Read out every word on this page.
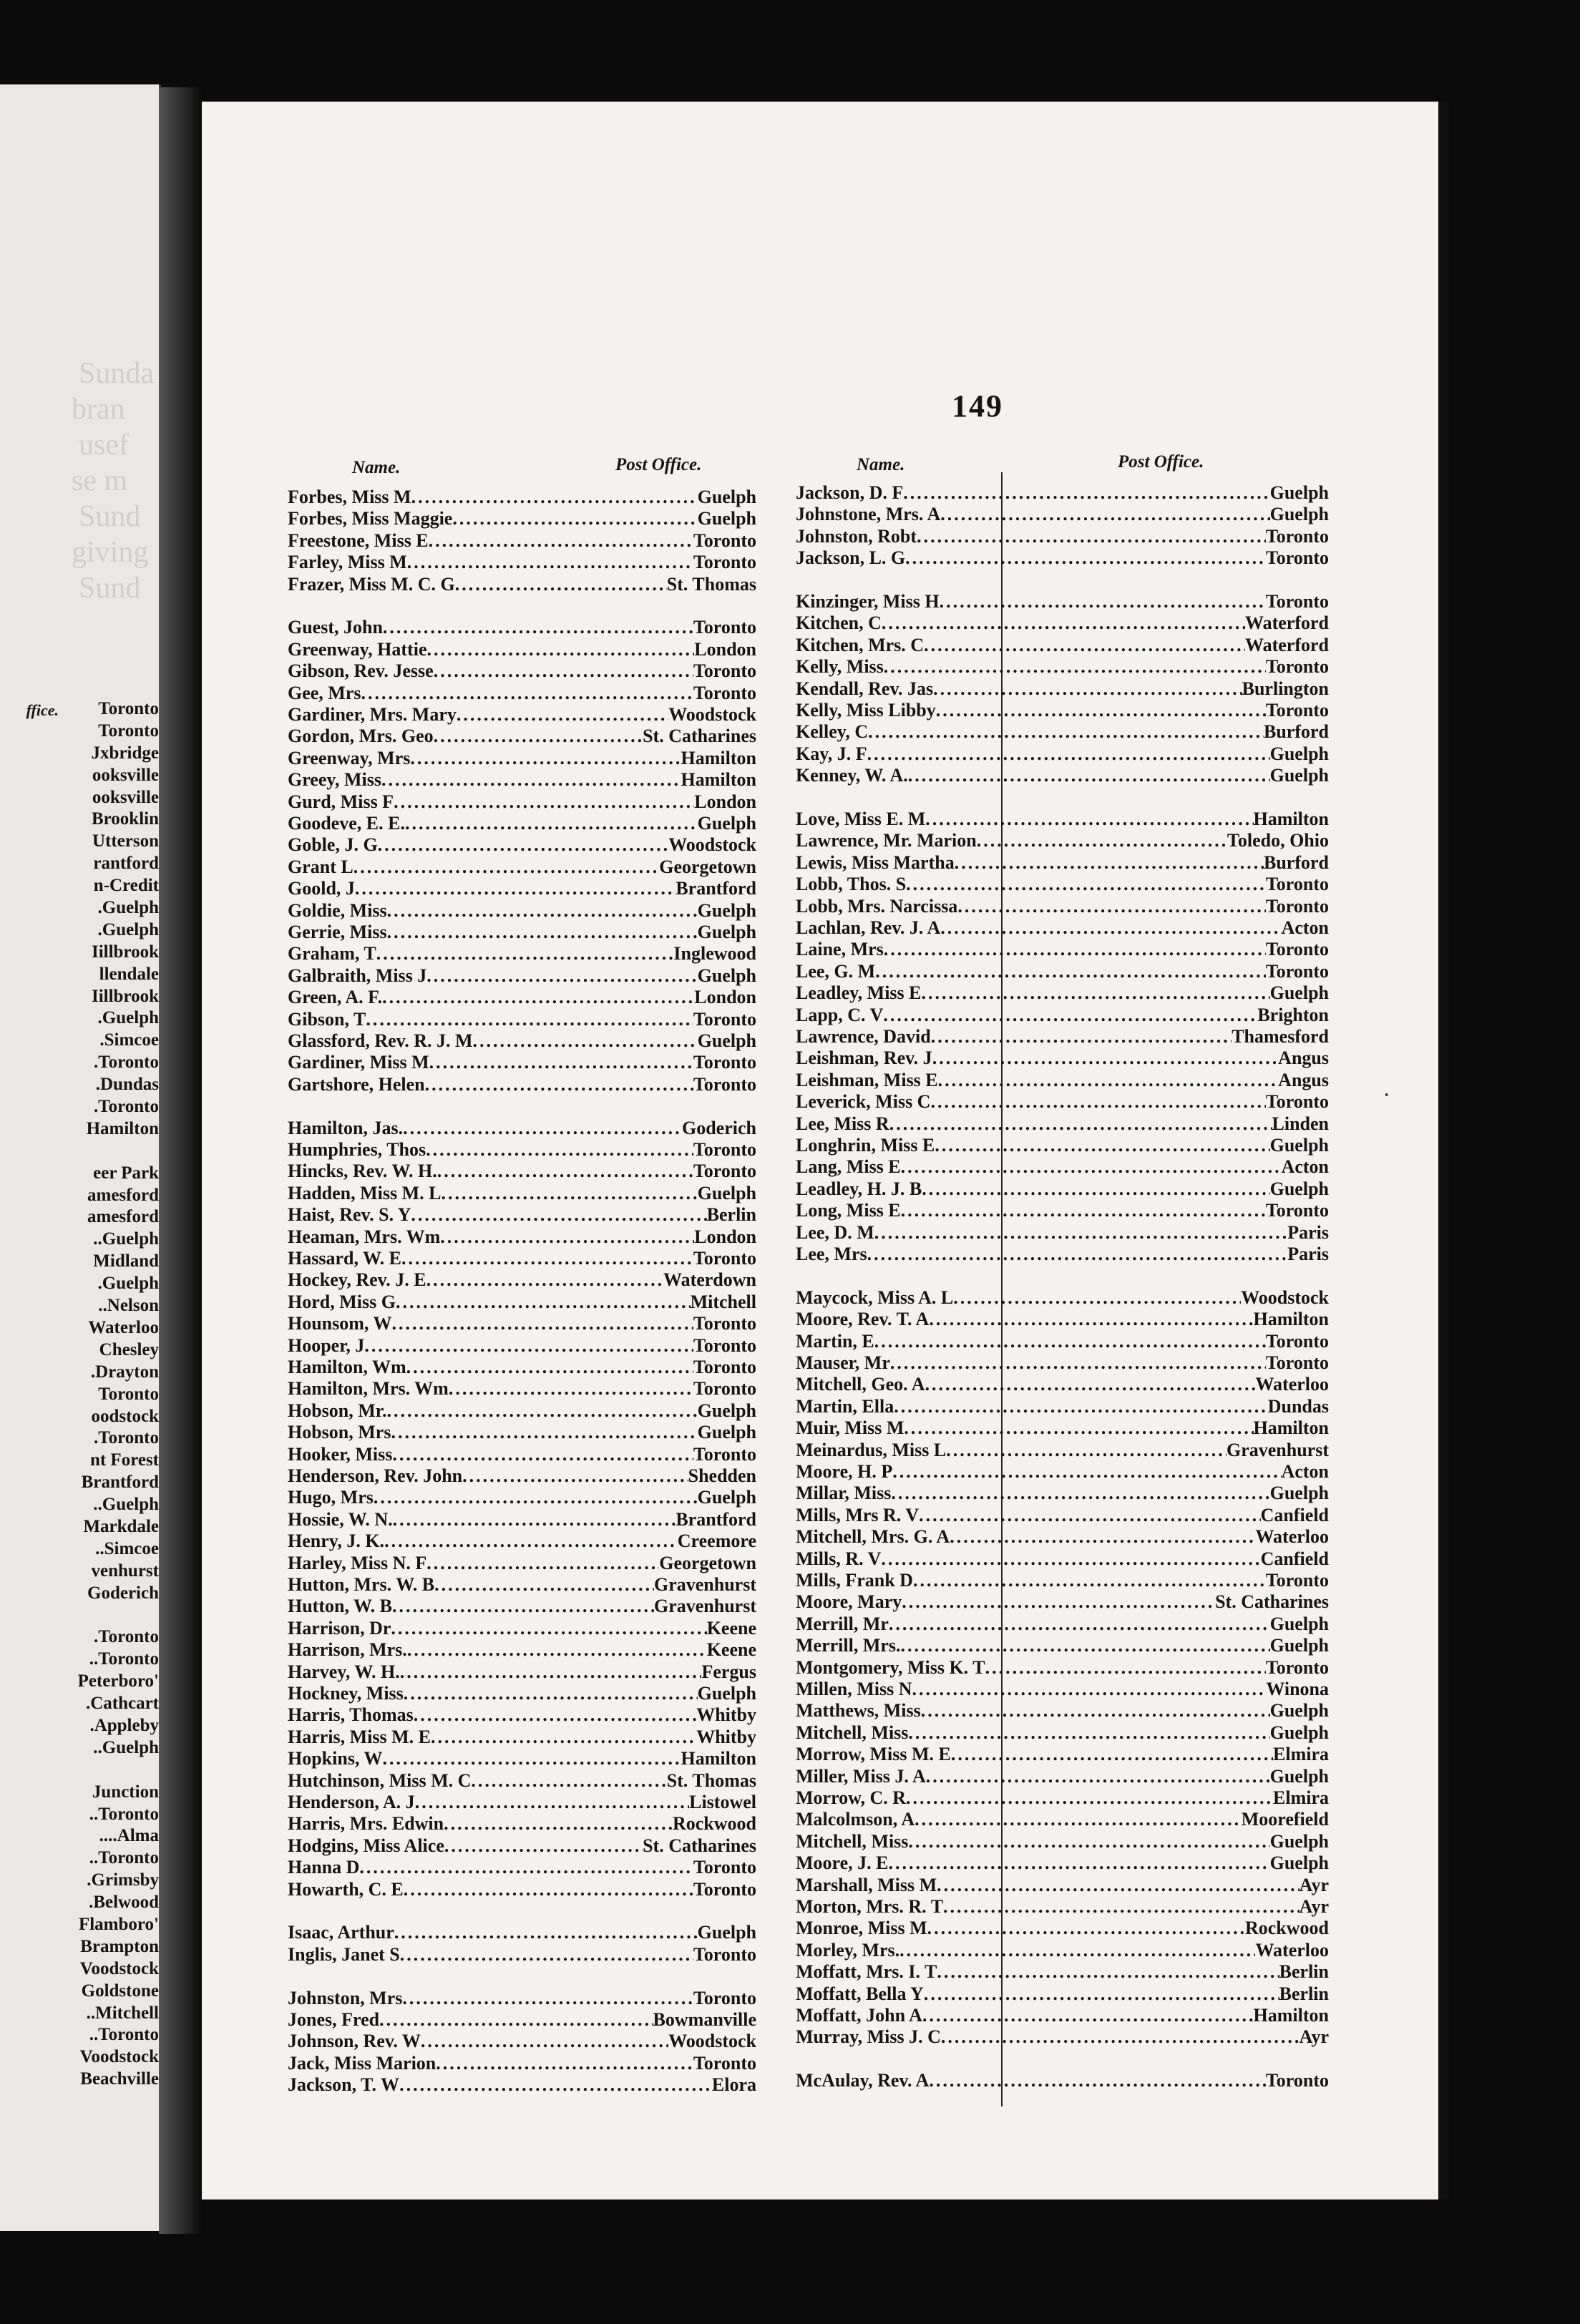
Sunda
bran
usef
se m
Sund
giving
Sund
ffice.	Toronto
Toronto
Jxbridge
ooksville
ooksville
Brooklin
Utterson
rantford
n-Credit
.Guelph
.Guelph
Iillbrook
llendale
Iillbrook
.Guelph
.Simcoe
.Toronto
.Dundas
.Toronto
Hamilton

eer Park
amesford
amesford
..Guelph
Midland
.Guelph
..Nelson
Waterloo
Chesley
.Drayton
Toronto
oodstock
.Toronto
nt Forest
Brantford
..Guelph
Markdale
..Simcoe
venhurst
Goderich

.Toronto
..Toronto
Peterboro'
.Cathcart
.Appleby
..Guelph

Junction
..Toronto
....Alma
..Toronto
.Grimsby
.Belwood
Flamboro'
Brampton
Voodstock
Goldstone
..Mitchell
..Toronto
Voodstock
Beachville
149
Name.	Post Office.	Name.	Post Office.
Forbes, Miss M .....	Guelph
Forbes, Miss Maggie .....	Guelph
Freestone, Miss E .....	Toronto
Farley, Miss M .....	Toronto
Frazer, Miss M. C. G .....	St. Thomas
Guest, John .....	Toronto
Greenway, Hattie .....	London
Gibson, Rev. Jesse .....	Toronto
Gee, Mrs .....	Toronto
Gardiner, Mrs. Mary .....	Woodstock
Gordon, Mrs. Geo .....	St. Catharines
Greenway, Mrs .....	Hamilton
Greey, Miss .....	Hamilton
Gurd, Miss F .....	London
Goodeve, E. E. .....	Guelph
Goble, J. G .....	Woodstock
Grant L .....	Georgetown
Goold, J .....	Brantford
Goldie, Miss .....	Guelph
Gerrie, Miss .....	Guelph
Graham, T .....	Inglewood
Galbraith, Miss J .....	Guelph
Green, A. F. .....	London
Gibson, T .....	Toronto
Glassford, Rev. R. J. M .....	Guelph
Gardiner, Miss M .....	Toronto
Gartshore, Helen .....	Toronto
Hamilton, Jas. .....	Goderich
Humphries, Thos .....	Toronto
Hincks, Rev. W. H. .....	Toronto
Hadden, Miss M. L .....	Guelph
Haist, Rev. S. Y .....	Berlin
Heaman, Mrs. Wm .....	London
Hassard, W. E .....	Toronto
Hockey, Rev. J. E .....	Waterdown
Hord, Miss G .....	Mitchell
Hounsom, W .....	Toronto
Hooper, J .....	Toronto
Hamilton, Wm .....	Toronto
Hamilton, Mrs. Wm .....	Toronto
Hobson, Mr. .....	Guelph
Hobson, Mrs .....	Guelph
Hooker, Miss .....	Toronto
Henderson, Rev. John .....	Shedden
Hugo, Mrs .....	Guelph
Hossie, W. N. .....	Brantford
Henry, J. K. .....	Creemore
Harley, Miss N. F .....	Georgetown
Hutton, Mrs. W. B .....	Gravenhurst
Hutton, W. B .....	Gravenhurst
Harrison, Dr .....	Keene
Harrison, Mrs. .....	Keene
Harvey, W. H. .....	Fergus
Hockney, Miss .....	Guelph
Harris, Thomas .....	Whitby
Harris, Miss M. E .....	Whitby
Hopkins, W .....	Hamilton
Hutchinson, Miss M. C .....	St. Thomas
Henderson, A. J .....	Listowel
Harris, Mrs. Edwin .....	Rockwood
Hodgins, Miss Alice .....	St. Catharines
Hanna D .....	Toronto
Howarth, C. E .....	Toronto
Isaac, Arthur .....	Guelph
Inglis, Janet S .....	Toronto
Johnston, Mrs .....	Toronto
Jones, Fred .....	Bowmanville
Johnson, Rev. W .....	Woodstock
Jack, Miss Marion .....	Toronto
Jackson, T. W .....	Elora
Jackson, D. F .....	Guelph
Johnstone, Mrs. A .....	Guelph
Johnston, Robt .....	Toronto
Jackson, L. G .....	Toronto
Kinzinger, Miss H .....	Toronto
Kitchen, C .....	Waterford
Kitchen, Mrs. C .....	Waterford
Kelly, Miss .....	Toronto
Kendall, Rev. Jas .....	Burlington
Kelly, Miss Libby .....	Toronto
Kelley, C .....	Burford
Kay, J. F .....	Guelph
Kenney, W. A. .....	Guelph
Love, Miss E. M .....	Hamilton
Lawrence, Mr. Marion .....	Toledo, Ohio
Lewis, Miss Martha .....	Burford
Lobb, Thos. S .....	Toronto
Lobb, Mrs. Narcissa .....	Toronto
Lachlan, Rev. J. A .....	Acton
Laine, Mrs .....	Toronto
Lee, G. M .....	Toronto
Leadley, Miss E .....	Guelph
Lapp, C. V .....	Brighton
Lawrence, David .....	Thamesford
Leishman, Rev. J .....	Angus
Leishman, Miss E .....	Angus
Leverick, Miss C .....	Toronto
Lee, Miss R .....	Linden
Longhrin, Miss E .....	Guelph
Lang, Miss E .....	Acton
Leadley, H. J. B .....	Guelph
Long, Miss E .....	Toronto
Lee, D. M .....	Paris
Lee, Mrs .....	Paris
Maycock, Miss A. L .....	Woodstock
Moore, Rev. T. A .....	Hamilton
Martin, E .....	Toronto
Mauser, Mr .....	Toronto
Mitchell, Geo. A .....	Waterloo
Martin, Ella .....	Dundas
Muir, Miss M .....	Hamilton
Meinardus, Miss L .....	Gravenhurst
Moore, H. P .....	Acton
Millar, Miss .....	Guelph
Mills, Mrs R. V .....	Canfield
Mitchell, Mrs. G. A .....	Waterloo
Mills, R. V .....	Canfield
Mills, Frank D .....	Toronto
Moore, Mary .....	St. Catharines
Merrill, Mr .....	Guelph
Merrill, Mrs. .....	Guelph
Montgomery, Miss K. T .....	Toronto
Millen, Miss N .....	Winona
Matthews, Miss .....	Guelph
Mitchell, Miss .....	Guelph
Morrow, Miss M. E .....	Elmira
Miller, Miss J. A .....	Guelph
Morrow, C. R .....	Elmira
Malcolmson, A .....	Moorefield
Mitchell, Miss .....	Guelph
Moore, J. E .....	Guelph
Marshall, Miss M .....	Ayr
Morton, Mrs. R. T .....	Ayr
Monroe, Miss M .....	Rockwood
Morley, Mrs. .....	Waterloo
Moffatt, Mrs. I. T .....	Berlin
Moffatt, Bella Y .....	Berlin
Moffatt, John A .....	Hamilton
Murray, Miss J. C .....	Ayr
McAulay, Rev. A .....	Toronto
·
